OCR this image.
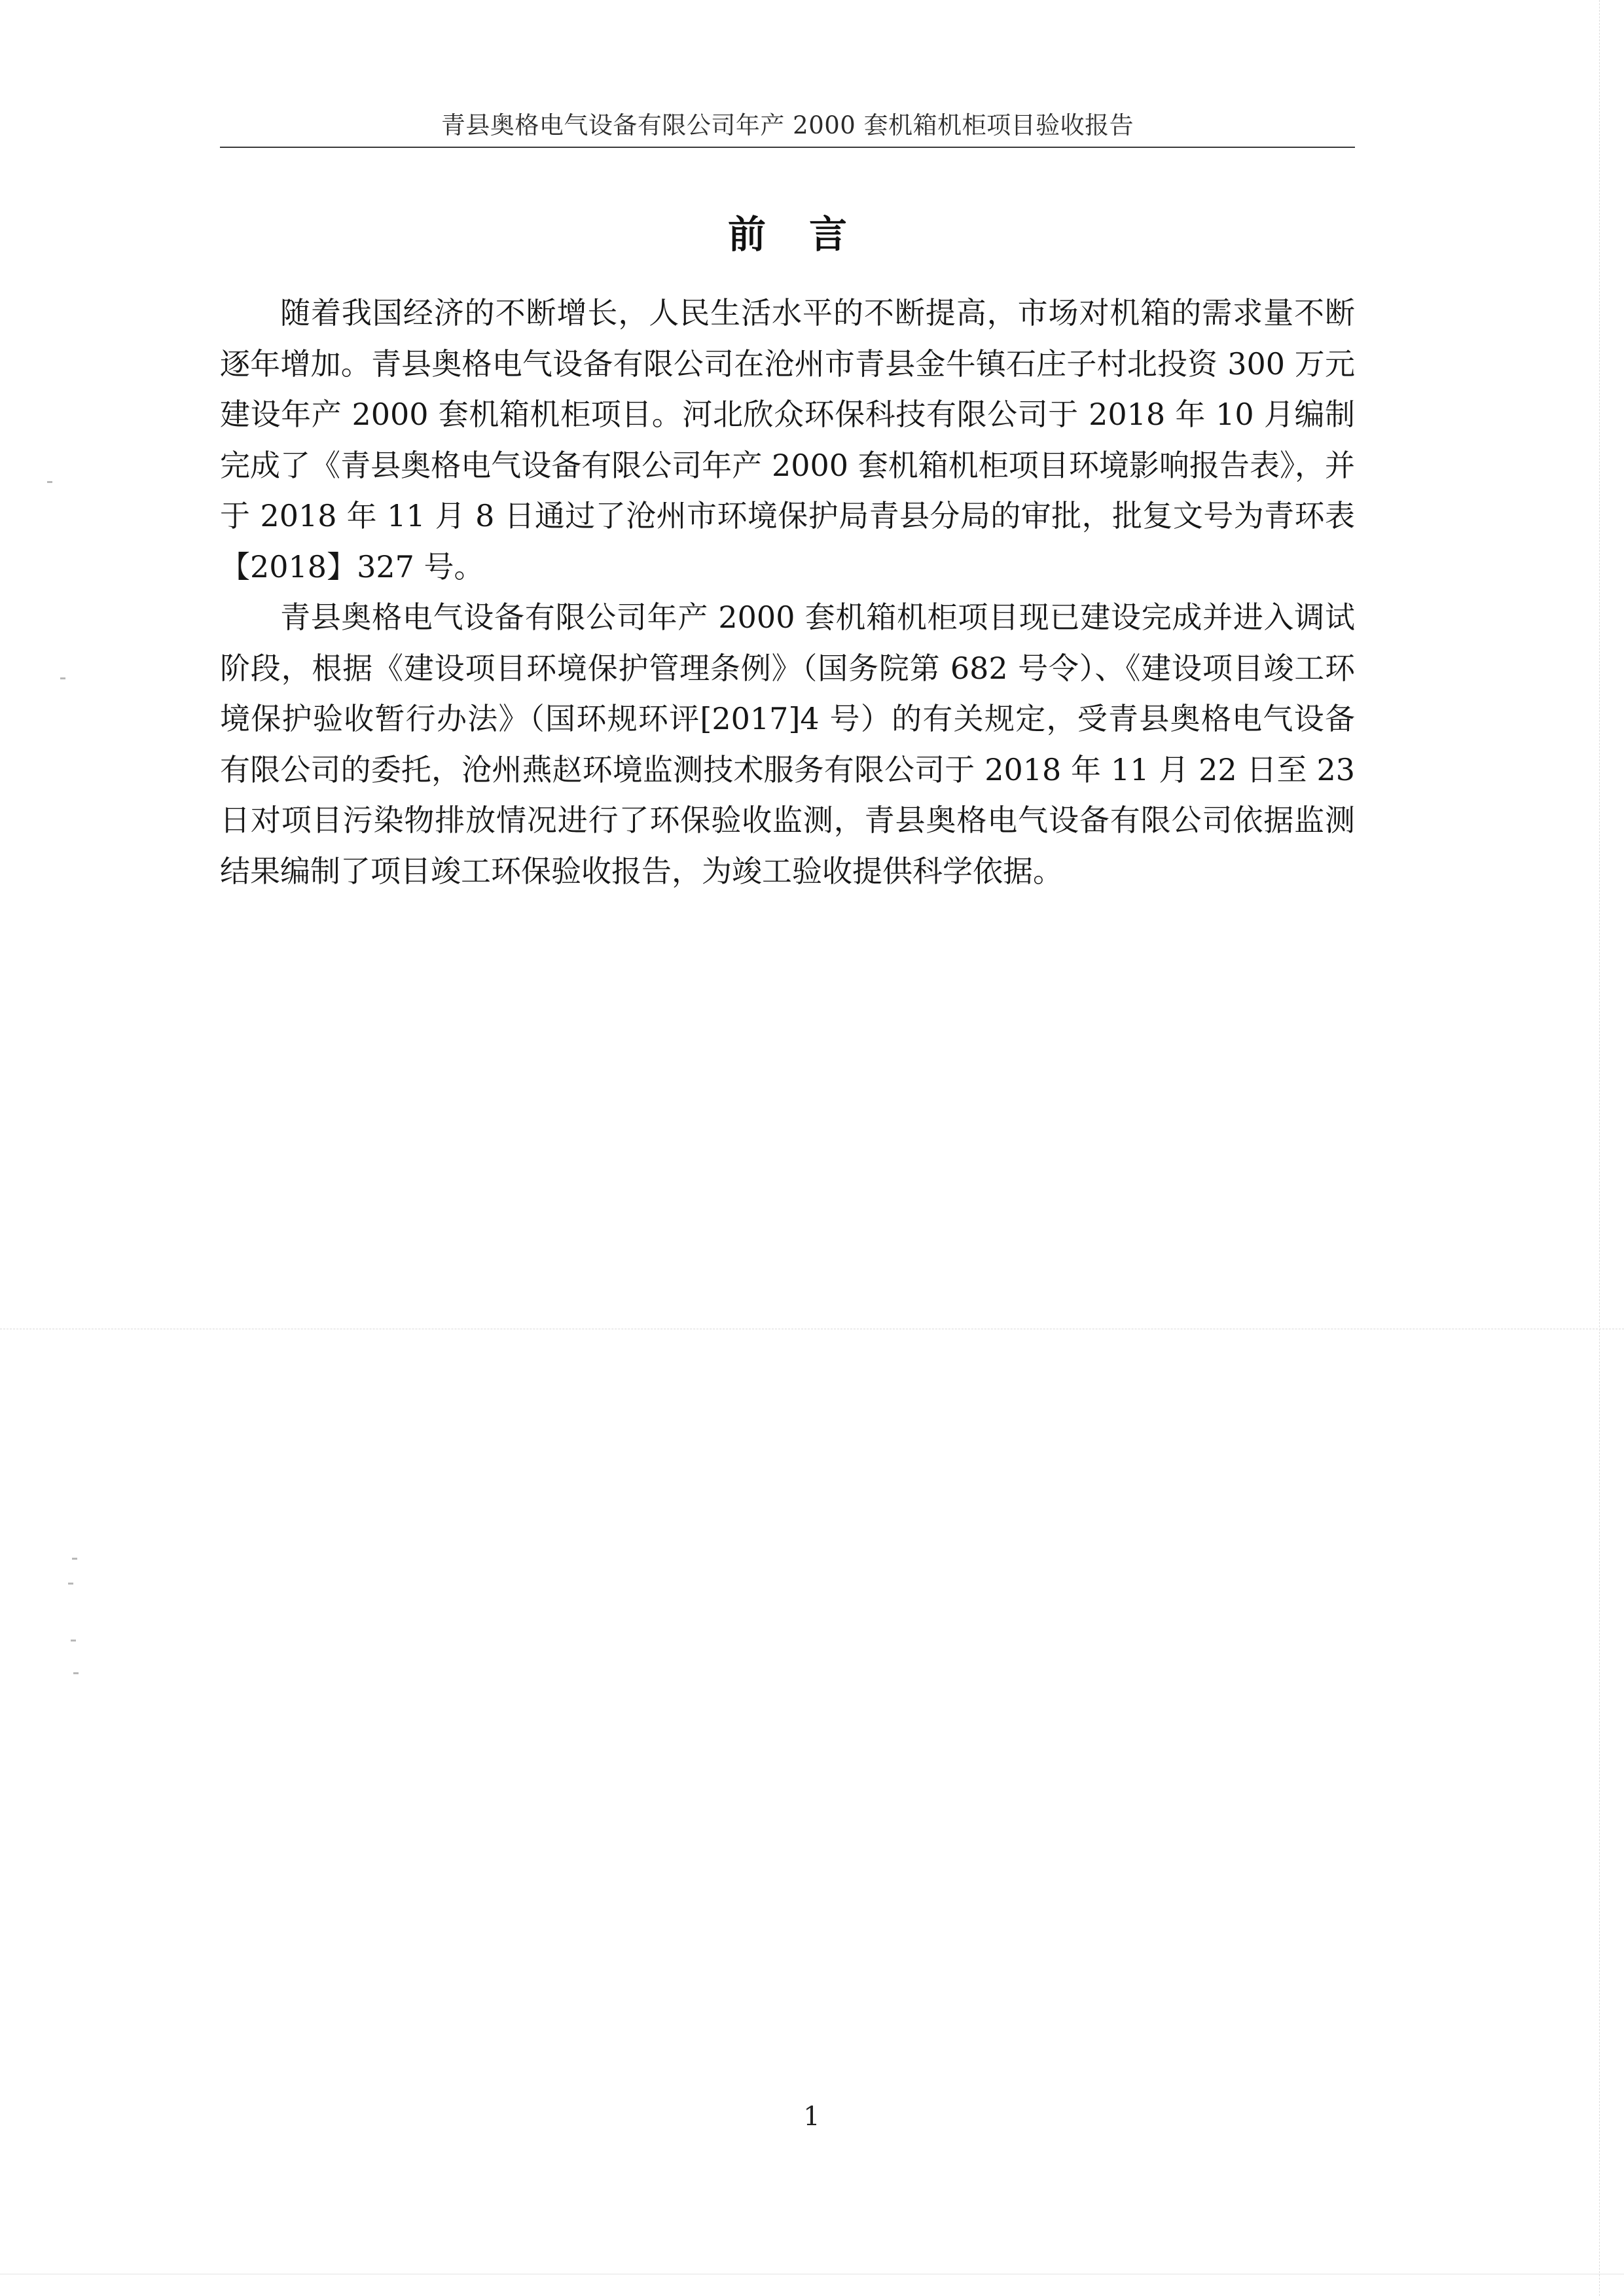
青县奥格电气设备有限公司年产 2000 套机箱机柜项目验收报告
前言

随着我国经济的不断增长，人民生活水平的不断提高，市场对机箱的需求量不断逐年增加。青县奥格电气设备有限公司在沧州市青县金牛镇石庄子村北投资 300 万元建设年产 2000 套机箱机柜项目。河北欣众环保科技有限公司于 2018 年 10 月编制完成了《青县奥格电气设备有限公司年产 2000 套机箱机柜项目环境影响报告表》，并于 2018 年 11 月 8 日通过了沧州市环境保护局青县分局的审批，批复文号为青环表【2018】327 号。

青县奥格电气设备有限公司年产 2000 套机箱机柜项目现已建设完成并进入调试阶段，根据《建设项目环境保护管理条例》（国务院第 682 号令）、《建设项目竣工环境保护验收暂行办法》（国环规环评[2017]4 号）的有关规定，受青县奥格电气设备有限公司的委托，沧州燕赵环境监测技术服务有限公司于 2018 年 11 月 22 日至 23 日对项目污染物排放情况进行了环保验收监测，青县奥格电气设备有限公司依据监测结果编制了项目竣工环保验收报告，为竣工验收提供科学依据。

1
